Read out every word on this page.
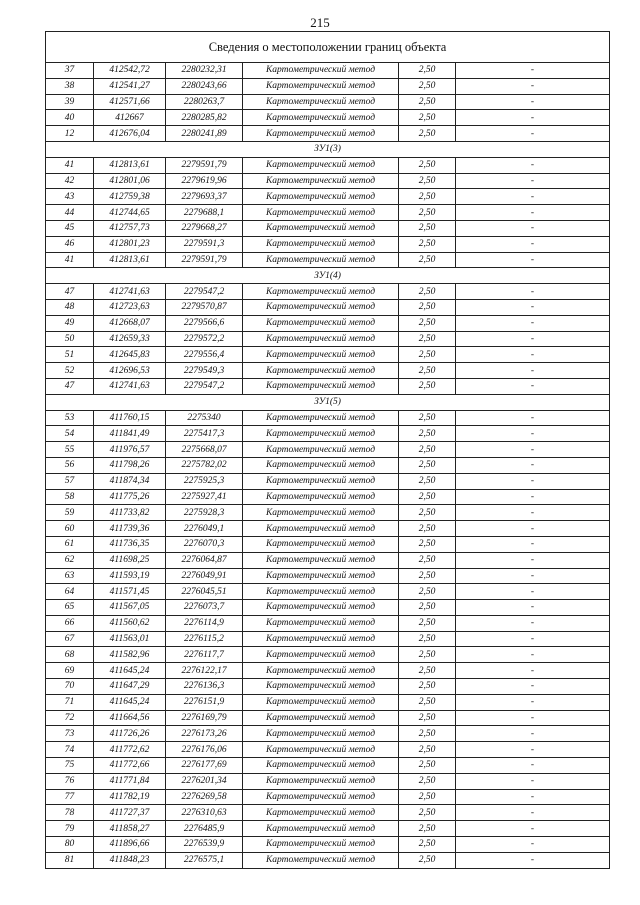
215
Сведения о местоположении границ объекта					
37	412542,72	2280232,31	Картометрический метод	2,50	-
38	412541,27	2280243,66	Картометрический метод	2,50	-
39	412571,66	2280263,7	Картометрический метод	2,50	-
40	412667	2280285,82	Картометрический метод	2,50	-
12	412676,04	2280241,89	Картометрический метод	2,50	-
ЗУ1(3)					
41	412813,61	2279591,79	Картометрический метод	2,50	-
42	412801,06	2279619,96	Картометрический метод	2,50	-
43	412759,38	2279693,37	Картометрический метод	2,50	-
44	412744,65	2279688,1	Картометрический метод	2,50	-
45	412757,73	2279668,27	Картометрический метод	2,50	-
46	412801,23	2279591,3	Картометрический метод	2,50	-
41	412813,61	2279591,79	Картометрический метод	2,50	-
ЗУ1(4)					
47	412741,63	2279547,2	Картометрический метод	2,50	-
48	412723,63	2279570,87	Картометрический метод	2,50	-
49	412668,07	2279566,6	Картометрический метод	2,50	-
50	412659,33	2279572,2	Картометрический метод	2,50	-
51	412645,83	2279556,4	Картометрический метод	2,50	-
52	412696,53	2279549,3	Картометрический метод	2,50	-
47	412741,63	2279547,2	Картометрический метод	2,50	-
ЗУ1(5)					
53	411760,15	2275340	Картометрический метод	2,50	-
54	411841,49	2275417,3	Картометрический метод	2,50	-
55	411976,57	2275668,07	Картометрический метод	2,50	-
56	411798,26	2275782,02	Картометрический метод	2,50	-
57	411874,34	2275925,3	Картометрический метод	2,50	-
58	411775,26	2275927,41	Картометрический метод	2,50	-
59	411733,82	2275928,3	Картометрический метод	2,50	-
60	411739,36	2276049,1	Картометрический метод	2,50	-
61	411736,35	2276070,3	Картометрический метод	2,50	-
62	411698,25	2276064,87	Картометрический метод	2,50	-
63	411593,19	2276049,91	Картометрический метод	2,50	-
64	411571,45	2276045,51	Картометрический метод	2,50	-
65	411567,05	2276073,7	Картометрический метод	2,50	-
66	411560,62	2276114,9	Картометрический метод	2,50	-
67	411563,01	2276115,2	Картометрический метод	2,50	-
68	411582,96	2276117,7	Картометрический метод	2,50	-
69	411645,24	2276122,17	Картометрический метод	2,50	-
70	411647,29	2276136,3	Картометрический метод	2,50	-
71	411645,24	2276151,9	Картометрический метод	2,50	-
72	411664,56	2276169,79	Картометрический метод	2,50	-
73	411726,26	2276173,26	Картометрический метод	2,50	-
74	411772,62	2276176,06	Картометрический метод	2,50	-
75	411772,66	2276177,69	Картометрический метод	2,50	-
76	411771,84	2276201,34	Картометрический метод	2,50	-
77	411782,19	2276269,58	Картометрический метод	2,50	-
78	411727,37	2276310,63	Картометрический метод	2,50	-
79	411858,27	2276485,9	Картометрический метод	2,50	-
80	411896,66	2276539,9	Картометрический метод	2,50	-
81	411848,23	2276575,1	Картометрический метод	2,50	-
